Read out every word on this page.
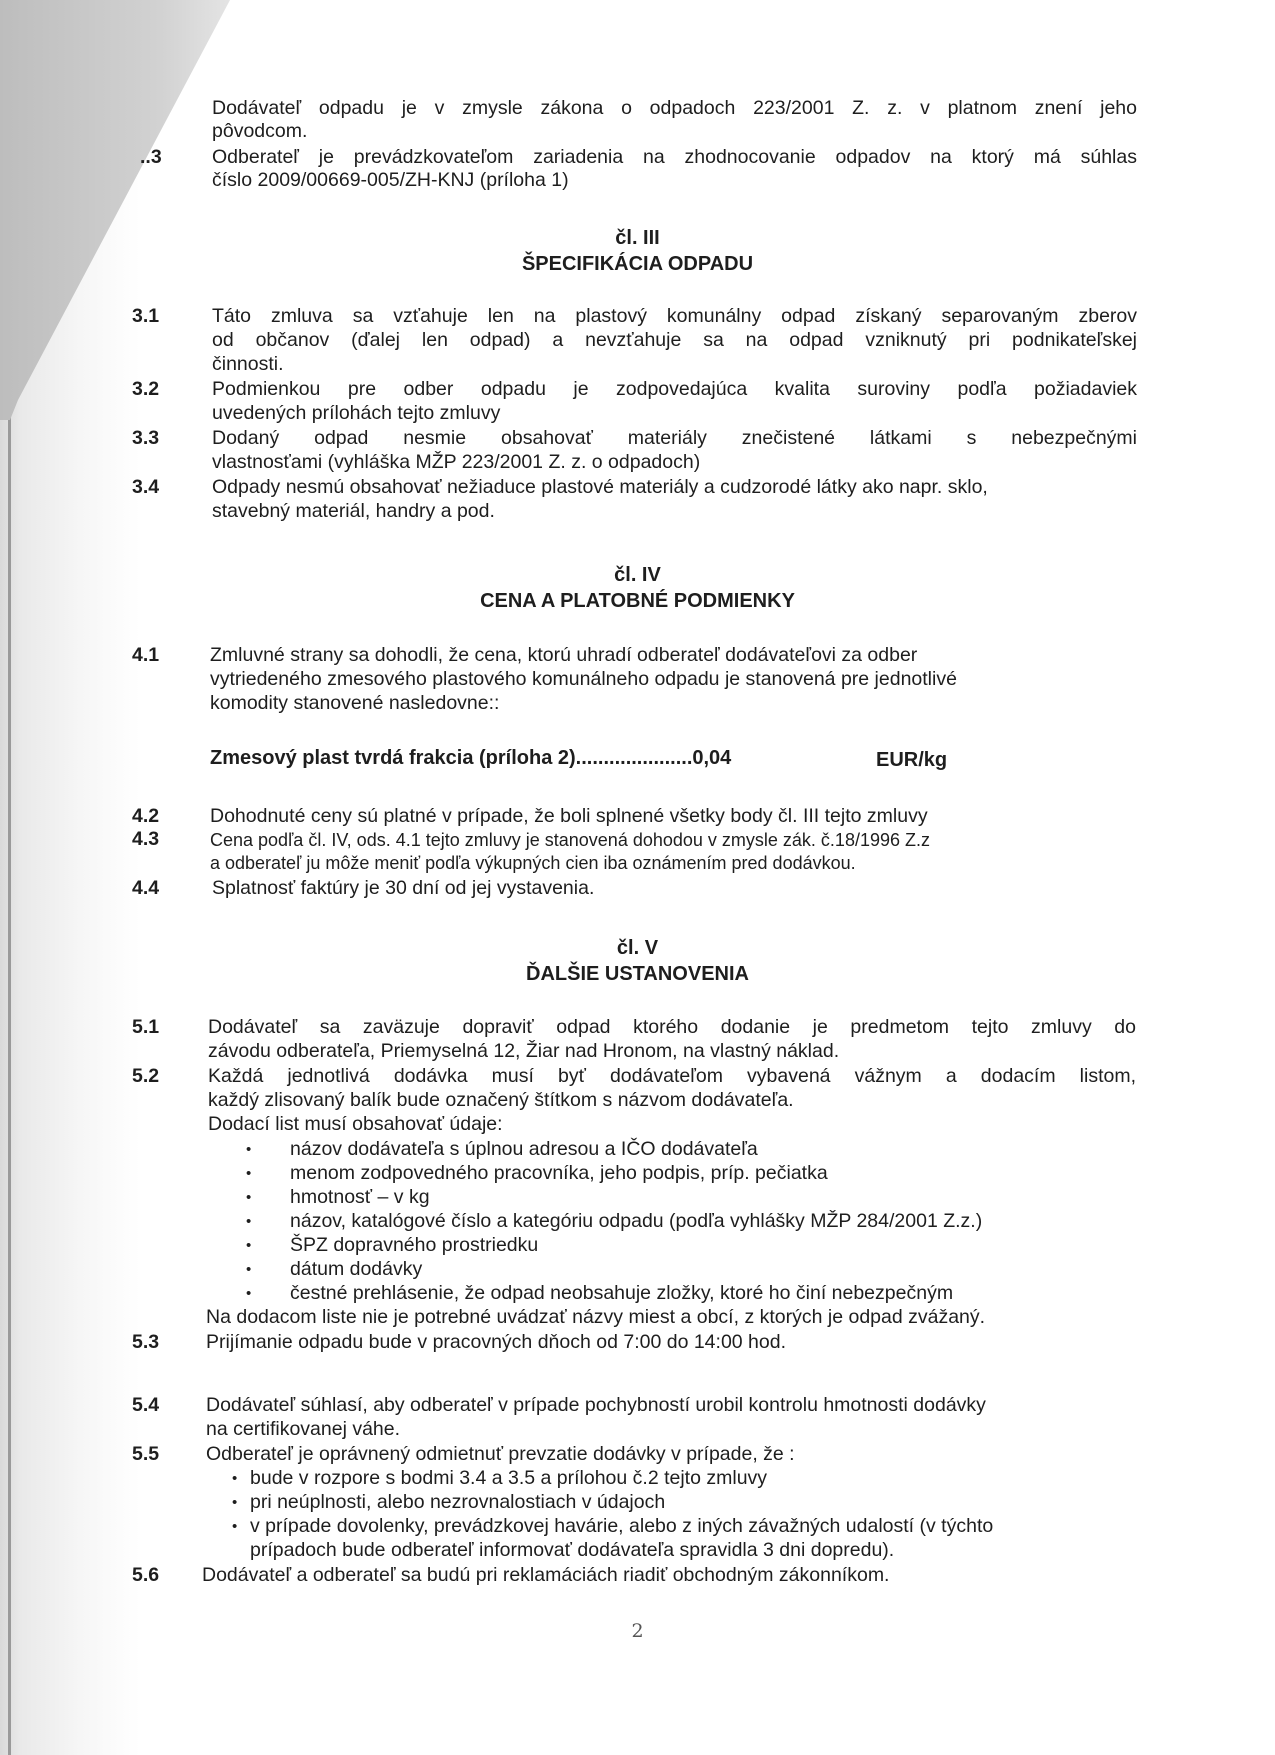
Dodávateľ odpadu je v zmysle zákona o odpadoch 223/2001 Z. z. v platnom znení jeho
pôvodcom.
..3	Odberateľ je prevádzkovateľom zariadenia na zhodnocovanie odpadov na ktorý má súhlas
číslo 2009/00669-005/ZH-KNJ (príloha 1)
čl. III
ŠPECIFIKÁCIA ODPADU
3.1	Táto zmluva sa vzťahuje len na plastový komunálny odpad získaný separovaným zberov
od občanov (ďalej len odpad) a nevzťahuje sa na odpad vzniknutý pri podnikateľskej
činnosti.
3.2	Podmienkou pre odber odpadu je zodpovedajúca kvalita suroviny podľa požiadaviek
uvedených prílohách tejto zmluvy
3.3	Dodaný odpad nesmie obsahovať materiály znečistené látkami s nebezpečnými
vlastnosťami (vyhláška MŽP 223/2001 Z. z. o odpadoch)
3.4	Odpady nesmú obsahovať nežiaduce plastové materiály a cudzorodé látky ako napr. sklo,
stavebný materiál, handry a pod.
čl. IV
CENA A PLATOBNÉ PODMIENKY
4.1	Zmluvné strany sa dohodli, že cena, ktorú uhradí odberateľ dodávateľovi za odber
vytriedeného zmesového plastového komunálneho odpadu je stanovená pre jednotlivé
komodity stanovené nasledovne::
Zmesový plast tvrdá frakcia (príloha 2).....................0,04	EUR/kg
4.2	Dohodnuté ceny sú platné v prípade, že boli splnené všetky body čl. III tejto zmluvy
4.3	Cena podľa čl. IV, ods. 4.1 tejto zmluvy je stanovená dohodou v zmysle zák. č.18/1996 Z.z
a odberateľ ju môže meniť podľa výkupných cien iba oznámením pred dodávkou.
4.4	Splatnosť faktúry je 30 dní od jej vystavenia.
čl. V
ĎALŠIE USTANOVENIA
5.1	Dodávateľ sa zaväzuje dopraviť odpad ktorého dodanie je predmetom tejto zmluvy do
závodu odberateľa, Priemyselná 12, Žiar nad Hronom, na vlastný náklad.
5.2	Každá jednotlivá dodávka musí byť dodávateľom vybavená vážnym a dodacím listom,
každý zlisovaný balík bude označený štítkom s názvom dodávateľa.
Dodací list musí obsahovať údaje:
• názov dodávateľa s úplnou adresou a IČO dodávateľa
• menom zodpovedného pracovníka, jeho podpis, príp. pečiatka
• hmotnosť – v kg
• názov, katalógové číslo a kategóriu odpadu (podľa vyhlášky MŽP 284/2001 Z.z.)
• ŠPZ dopravného prostriedku
• dátum dodávky
• čestné prehlásenie, že odpad neobsahuje zložky, ktoré ho činí nebezpečným
Na dodacom liste nie je potrebné uvádzať názvy miest a obcí, z ktorých je odpad zvážaný.
5.3 Prijímanie odpadu bude v pracovných dňoch od 7:00 do 14:00 hod.
5.4 Dodávateľ súhlasí, aby odberateľ v prípade pochybností urobil kontrolu hmotnosti dodávky
na certifikovanej váhe.
5.5 Odberateľ je oprávnený odmietnuť prevzatie dodávky v prípade, že :
• bude v rozpore s bodmi 3.4 a 3.5 a prílohou č.2 tejto zmluvy
• pri neúplnosti, alebo nezrovnalostiach v údajoch
• v prípade dovolenky, prevádzkovej havárie, alebo z iných závažných udalostí (v týchto
prípadoch bude odberateľ informovať dodávateľa spravidla 3 dni dopredu).
5.6 Dodávateľ a odberateľ sa budú pri reklamáciách riadiť obchodným zákonníkom.
2
